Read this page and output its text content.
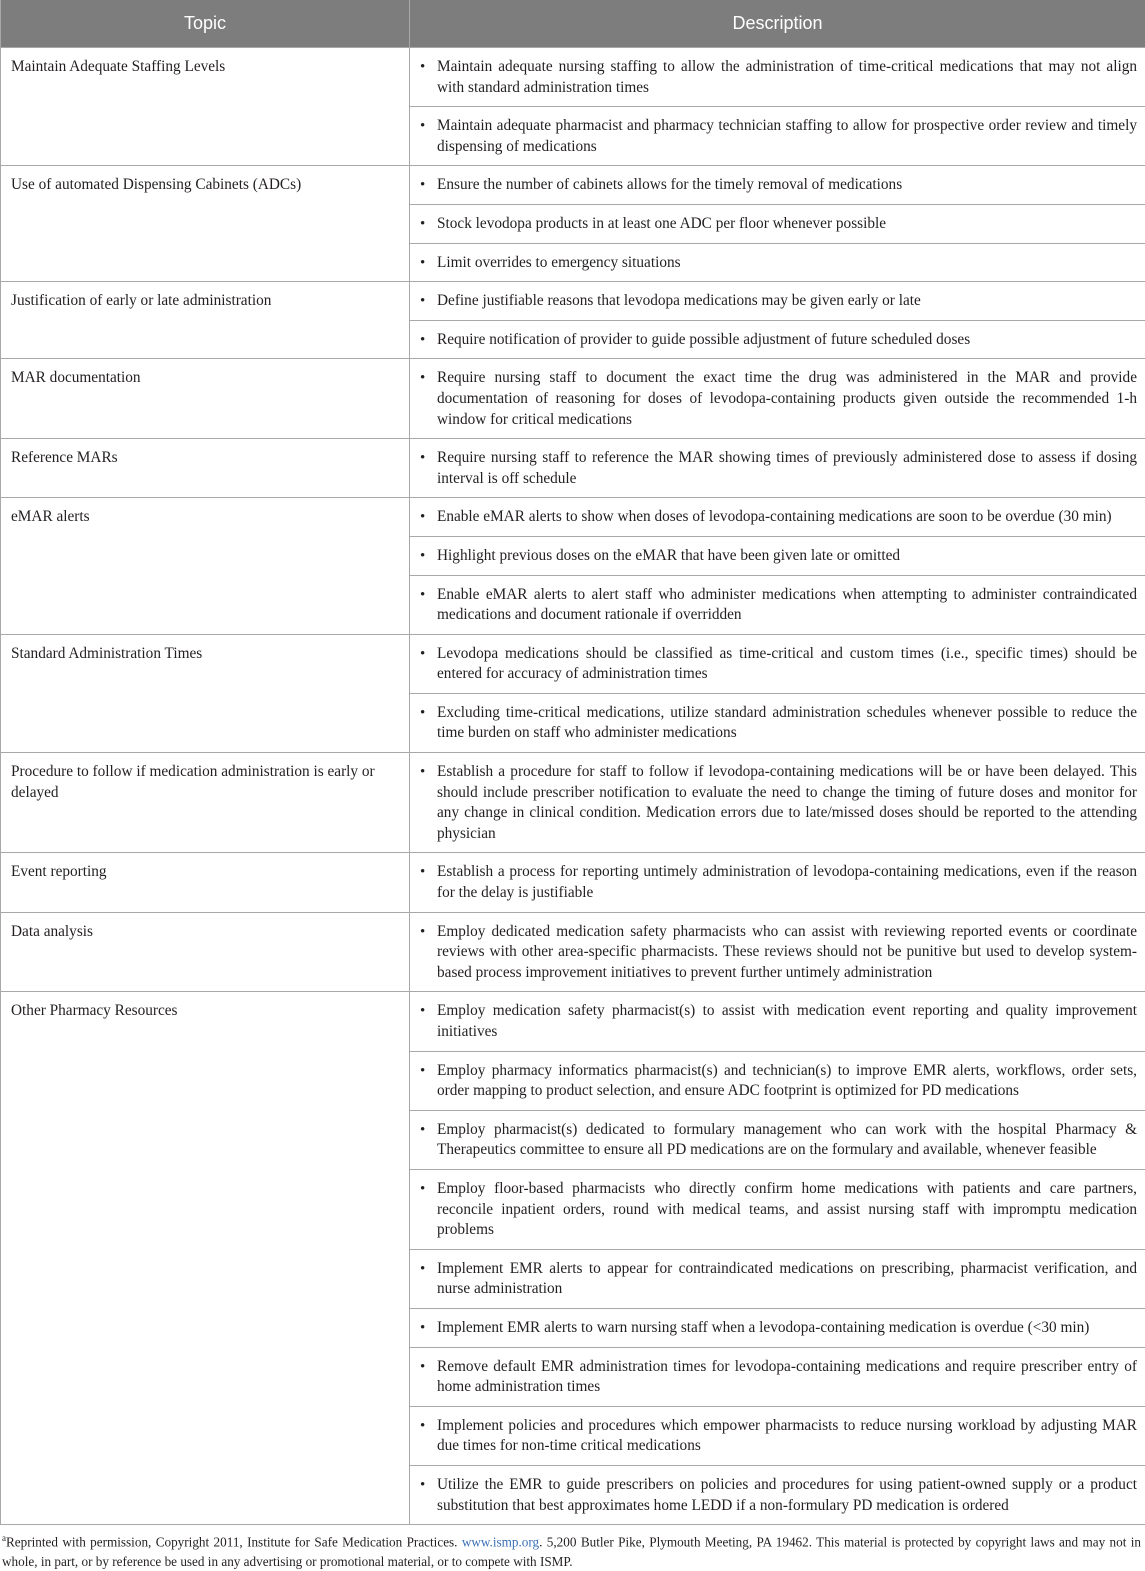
Topic	Description
Maintain Adequate Staffing Levels	• Maintain adequate nursing staffing to allow the administration of time-critical medications that may not align with standard administration times

	• Maintain adequate pharmacist and pharmacy technician staffing to allow for prospective order review and timely dispensing of medications

Use of automated Dispensing Cabinets (ADCs)	• Ensure the number of cabinets allows for the timely removal of medications

	• Stock levodopa products in at least one ADC per floor whenever possible

	• Limit overrides to emergency situations

Justification of early or late administration	• Define justifiable reasons that levodopa medications may be given early or late

	• Require notification of provider to guide possible adjustment of future scheduled doses

MAR documentation	• Require nursing staff to document the exact time the drug was administered in the MAR and provide documentation of reasoning for doses of levodopa-containing products given outside the recommended 1-h window for critical medications

Reference MARs	• Require nursing staff to reference the MAR showing times of previously administered dose to assess if dosing interval is off schedule

eMAR alerts	• Enable eMAR alerts to show when doses of levodopa-containing medications are soon to be overdue (30 min)

	• Highlight previous doses on the eMAR that have been given late or omitted

	• Enable eMAR alerts to alert staff who administer medications when attempting to administer contraindicated medications and document rationale if overridden

Standard Administration Times	• Levodopa medications should be classified as time-critical and custom times (i.e., specific times) should be entered for accuracy of administration times

	• Excluding time-critical medications, utilize standard administration schedules whenever possible to reduce the time burden on staff who administer medications

Procedure to follow if medication administration is early or delayed	• Establish a procedure for staff to follow if levodopa-containing medications will be or have been delayed. This should include prescriber notification to evaluate the need to change the timing of future doses and monitor for any change in clinical condition. Medication errors due to late/missed doses should be reported to the attending physician

Event reporting	• Establish a process for reporting untimely administration of levodopa-containing medications, even if the reason for the delay is justifiable

Data analysis	• Employ dedicated medication safety pharmacists who can assist with reviewing reported events or coordinate reviews with other area-specific pharmacists. These reviews should not be punitive but used to develop system-based process improvement initiatives to prevent further untimely administration

Other Pharmacy Resources	• Employ medication safety pharmacist(s) to assist with medication event reporting and quality improvement initiatives

	• Employ pharmacy informatics pharmacist(s) and technician(s) to improve EMR alerts, workflows, order sets, order mapping to product selection, and ensure ADC footprint is optimized for PD medications

	• Employ pharmacist(s) dedicated to formulary management who can work with the hospital Pharmacy & Therapeutics committee to ensure all PD medications are on the formulary and available, whenever feasible

	• Employ floor-based pharmacists who directly confirm home medications with patients and care partners, reconcile inpatient orders, round with medical teams, and assist nursing staff with impromptu medication problems

	• Implement EMR alerts to appear for contraindicated medications on prescribing, pharmacist verification, and nurse administration

	• Implement EMR alerts to warn nursing staff when a levodopa-containing medication is overdue (<30 min)

	• Remove default EMR administration times for levodopa-containing medications and require prescriber entry of home administration times

	• Implement policies and procedures which empower pharmacists to reduce nursing workload by adjusting MAR due times for non-time critical medications

	• Utilize the EMR to guide prescribers on policies and procedures for using patient-owned supply or a product substitution that best approximates home LEDD if a non-formulary PD medication is ordered
$^a$Reprinted with permission, Copyright 2011, Institute for Safe Medication Practices. www.ismp.org. 5,200 Butler Pike, Plymouth Meeting, PA 19462. This material is protected by copyright laws and may not in whole, in part, or by reference be used in any advertising or promotional material, or to compete with ISMP.
